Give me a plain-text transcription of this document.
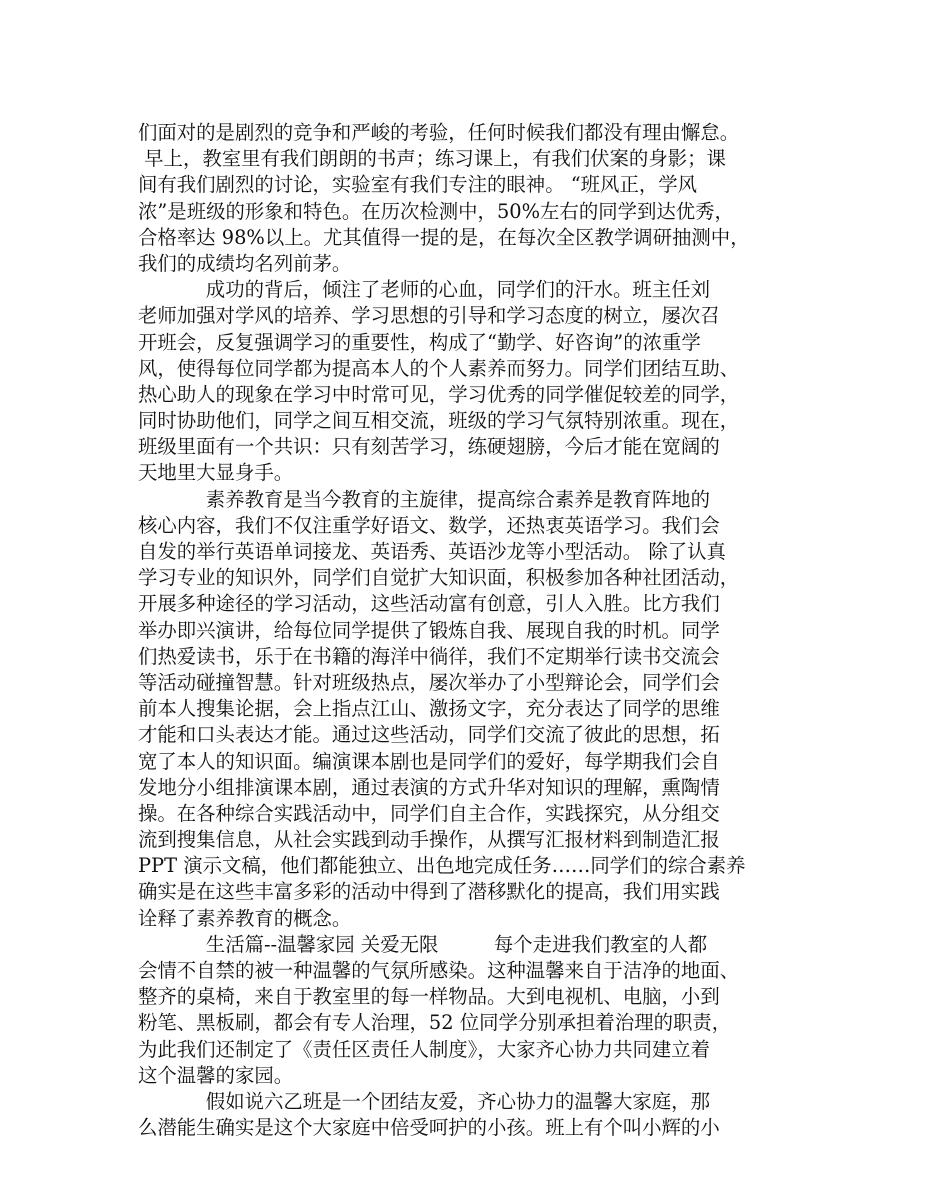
们面对的是剧烈的竞争和严峻的考验，任何时候我们都没有理由懈怠。
早上，教室里有我们朗朗的书声；练习课上，有我们伏案的身影；课
间有我们剧烈的讨论，实验室有我们专注的眼神。 “班风正，学风
浓”是班级的形象和特色。在历次检测中，50%左右的同学到达优秀，
合格率达 98%以上。尤其值得一提的是，在每次全区教学调研抽测中，
我们的成绩均名列前茅。
成功的背后，倾注了老师的心血，同学们的汗水。班主任刘
老师加强对学风的培养、学习思想的引导和学习态度的树立，屡次召
开班会，反复强调学习的重要性，构成了“勤学、好咨询”的浓重学
风，使得每位同学都为提高本人的个人素养而努力。同学们团结互助、
热心助人的现象在学习中时常可见，学习优秀的同学催促较差的同学，
同时协助他们，同学之间互相交流，班级的学习气氛特别浓重。现在，
班级里面有一个共识：只有刻苦学习，练硬翅膀，今后才能在宽阔的
天地里大显身手。
素养教育是当今教育的主旋律，提高综合素养是教育阵地的
核心内容，我们不仅注重学好语文、数学，还热衷英语学习。我们会
自发的举行英语单词接龙、英语秀、英语沙龙等小型活动。 除了认真
学习专业的知识外，同学们自觉扩大知识面，积极参加各种社团活动，
开展多种途径的学习活动，这些活动富有创意，引人入胜。比方我们
举办即兴演讲，给每位同学提供了锻炼自我、展现自我的时机。同学
们热爱读书，乐于在书籍的海洋中徜徉，我们不定期举行读书交流会
等活动碰撞智慧。针对班级热点，屡次举办了小型辩论会，同学们会
前本人搜集论据，会上指点江山、激扬文字，充分表达了同学的思维
才能和口头表达才能。通过这些活动，同学们交流了彼此的思想，拓
宽了本人的知识面。编演课本剧也是同学们的爱好，每学期我们会自
发地分小组排演课本剧，通过表演的方式升华对知识的理解，熏陶情
操。在各种综合实践活动中，同学们自主合作，实践探究，从分组交
流到搜集信息，从社会实践到动手操作，从撰写汇报材料到制造汇报
PPT 演示文稿，他们都能独立、出色地完成任务……同学们的综合素养
确实是在这些丰富多彩的活动中得到了潜移默化的提高，我们用实践
诠释了素养教育的概念。
生活篇--温馨家园 关爱无限         每个走进我们教室的人都
会情不自禁的被一种温馨的气氛所感染。这种温馨来自于洁净的地面、
整齐的桌椅，来自于教室里的每一样物品。大到电视机、电脑，小到
粉笔、黑板刷，都会有专人治理，52 位同学分别承担着治理的职责，
为此我们还制定了《责任区责任人制度》，大家齐心协力共同建立着
这个温馨的家园。
假如说六乙班是一个团结友爱，齐心协力的温馨大家庭，那
么潜能生确实是这个大家庭中倍受呵护的小孩。班上有个叫小辉的小
